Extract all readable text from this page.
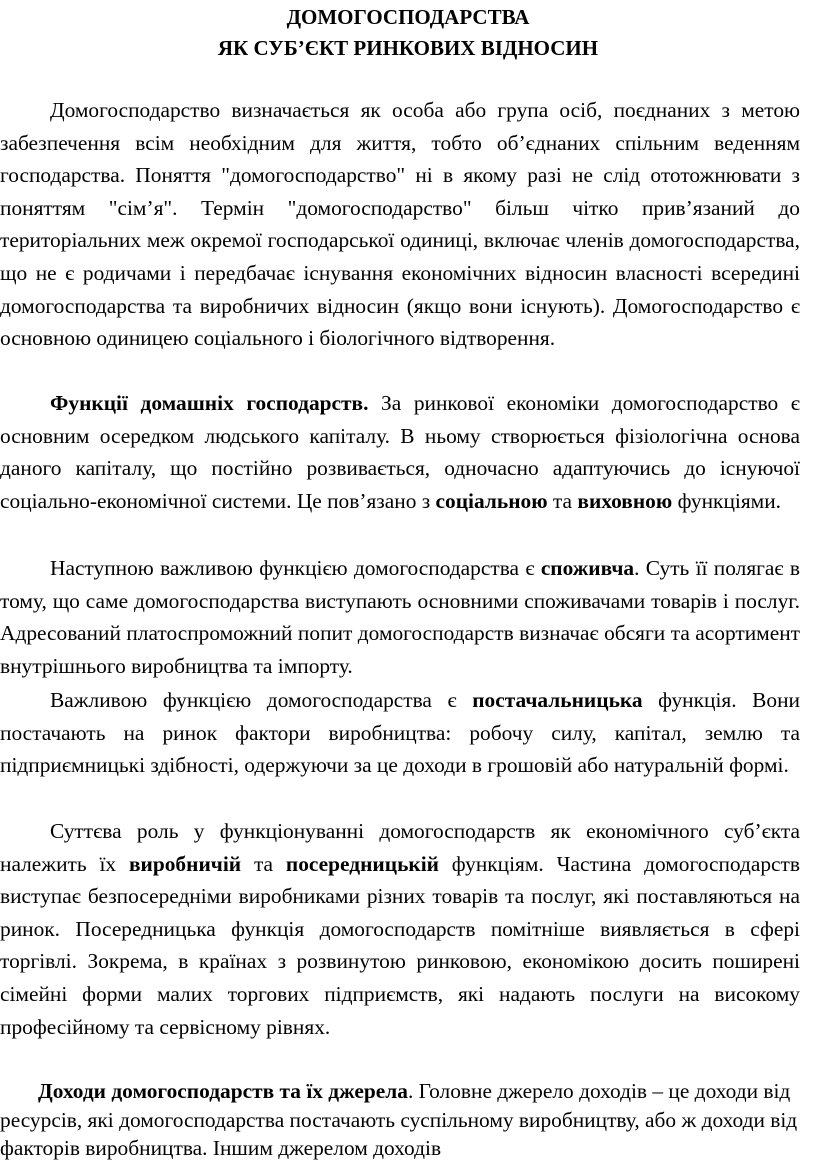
ДОМОГОСПОДАРСТВА
ЯК СУБ’ЄКТ РИНКОВИХ ВІДНОСИН

Домогосподарство визначається як особа або група осіб, поєднаних з метою забезпечення всім необхідним для життя, тобто об’єднаних спільним веденням господарства. Поняття "домогосподарство" ні в якому разі не слід ототожнювати з поняттям "сім’я". Термін "домогосподарство" більш чітко прив’язаний до територіальних меж окремої господарської одиниці, включає членів домогосподарства, що не є родичами і передбачає існування економічних відносин власності всередині домогосподарства та виробничих відносин (якщо вони існують). Домогосподарство є основною одиницею соціального і біологічного відтворення.

Функції домашніх господарств. За ринкової економіки домогосподарство є основним осередком людського капіталу. В ньому створюється фізіологічна основа даного капіталу, що постійно розвивається, одночасно адаптуючись до існуючої соціально-економічної системи. Це пов’язано з соціальною та виховною функціями.

Наступною важливою функцією домогосподарства є споживча. Суть її полягає в тому, що саме домогосподарства виступають основними споживачами товарів і послуг. Адресований платоспроможний попит домогосподарств визначає обсяги та асортимент внутрішнього виробництва та імпорту.

Важливою функцією домогосподарства є постачальницька функція. Вони постачають на ринок фактори виробництва: робочу силу, капітал, землю та підприємницькі здібності, одержуючи за це доходи в грошовій або натуральній формі.

Суттєва роль у функціонуванні домогосподарств як економічного суб’єкта належить їх виробничій та посередницькій функціям. Частина домогосподарств виступає безпосередніми виробниками різних товарів та послуг, які поставляються на ринок. Посередницька функція домогосподарств помітніше виявляється в сфері торгівлі. Зокрема, в країнах з розвинутою ринковою, економікою досить поширені сімейні форми малих торгових підприємств, які надають послуги на високому професійному та сервісному рівнях.

Доходи домогосподарств та їх джерела. Головне джерело доходів – це доходи від ресурсів, які домогосподарства постачають суспільному виробництву, або ж доходи від факторів виробництва. Іншим джерелом доходів
